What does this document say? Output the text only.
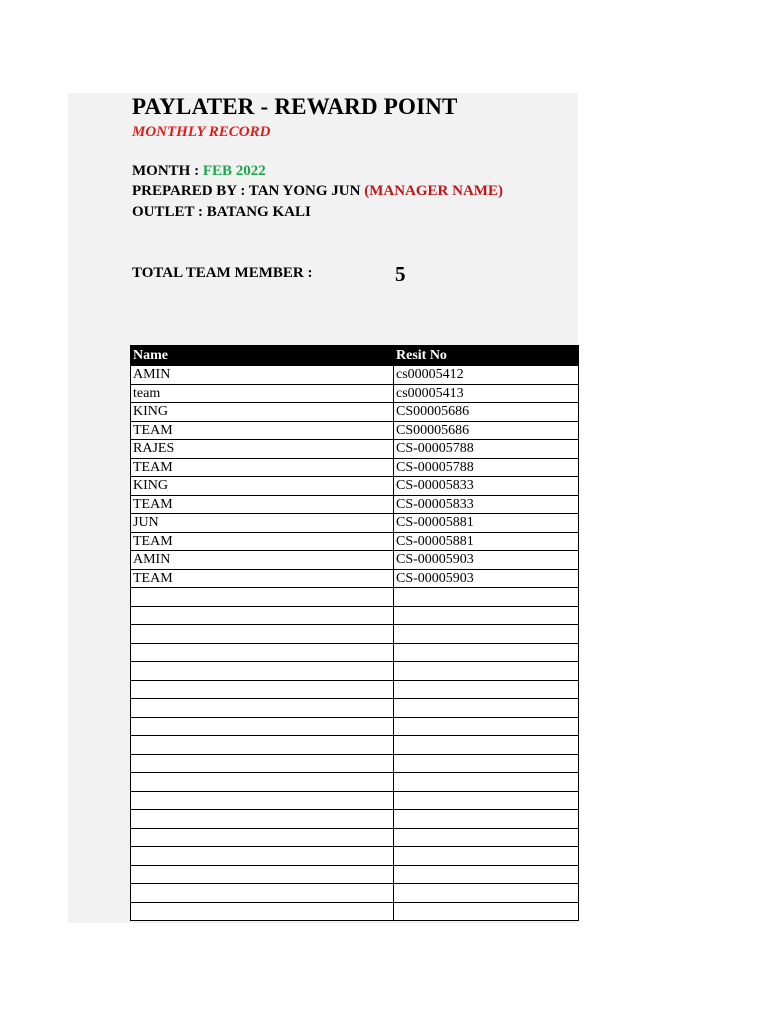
PAYLATER - REWARD POINT
MONTHLY RECORD
MONTH : FEB 2022
PREPARED BY : TAN YONG JUN (MANAGER NAME)
OUTLET : BATANG KALI
TOTAL TEAM MEMBER :	5
Name	Resit No
AMIN	cs00005412
team	cs00005413
KING	CS00005686
TEAM	CS00005686
RAJES	CS-00005788
TEAM	CS-00005788
KING	CS-00005833
TEAM	CS-00005833
JUN	CS-00005881
TEAM	CS-00005881
AMIN	CS-00005903
TEAM	CS-00005903
